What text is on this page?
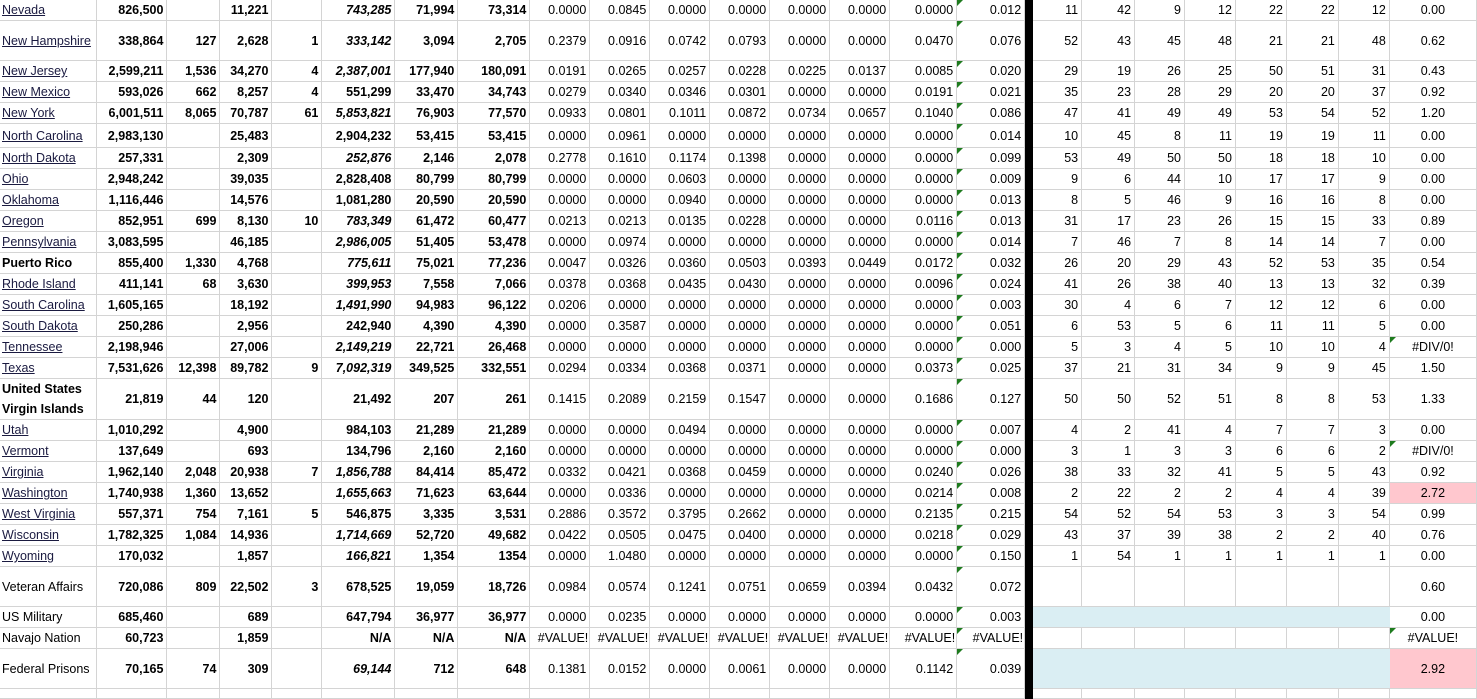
Nevada	826,500		11,221		743,285	71,994	73,314	0.0000	0.0845	0.0000	0.0000	0.0000	0.0000	0.0000	0.012		11	42	9	12	22	22	12	0.00
New Hampshire	338,864	127	2,628	1	333,142	3,094	2,705	0.2379	0.0916	0.0742	0.0793	0.0000	0.0000	0.0470	0.076		52	43	45	48	21	21	48	0.62
New Jersey	2,599,211	1,536	34,270	4	2,387,001	177,940	180,091	0.0191	0.0265	0.0257	0.0228	0.0225	0.0137	0.0085	0.020		29	19	26	25	50	51	31	0.43
New Mexico	593,026	662	8,257	4	551,299	33,470	34,743	0.0279	0.0340	0.0346	0.0301	0.0000	0.0000	0.0191	0.021		35	23	28	29	20	20	37	0.92
New York	6,001,511	8,065	70,787	61	5,853,821	76,903	77,570	0.0933	0.0801	0.1011	0.0872	0.0734	0.0657	0.1040	0.086		47	41	49	49	53	54	52	1.20
North Carolina	2,983,130		25,483		2,904,232	53,415	53,415	0.0000	0.0961	0.0000	0.0000	0.0000	0.0000	0.0000	0.014		10	45	8	11	19	19	11	0.00
North Dakota	257,331		2,309		252,876	2,146	2,078	0.2778	0.1610	0.1174	0.1398	0.0000	0.0000	0.0000	0.099		53	49	50	50	18	18	10	0.00
Ohio	2,948,242		39,035		2,828,408	80,799	80,799	0.0000	0.0000	0.0603	0.0000	0.0000	0.0000	0.0000	0.009		9	6	44	10	17	17	9	0.00
Oklahoma	1,116,446		14,576		1,081,280	20,590	20,590	0.0000	0.0000	0.0940	0.0000	0.0000	0.0000	0.0000	0.013		8	5	46	9	16	16	8	0.00
Oregon	852,951	699	8,130	10	783,349	61,472	60,477	0.0213	0.0213	0.0135	0.0228	0.0000	0.0000	0.0116	0.013		31	17	23	26	15	15	33	0.89
Pennsylvania	3,083,595		46,185		2,986,005	51,405	53,478	0.0000	0.0974	0.0000	0.0000	0.0000	0.0000	0.0000	0.014		7	46	7	8	14	14	7	0.00
Puerto Rico	855,400	1,330	4,768		775,611	75,021	77,236	0.0047	0.0326	0.0360	0.0503	0.0393	0.0449	0.0172	0.032		26	20	29	43	52	53	35	0.54
Rhode Island	411,141	68	3,630		399,953	7,558	7,066	0.0378	0.0368	0.0435	0.0430	0.0000	0.0000	0.0096	0.024		41	26	38	40	13	13	32	0.39
South Carolina	1,605,165		18,192		1,491,990	94,983	96,122	0.0206	0.0000	0.0000	0.0000	0.0000	0.0000	0.0000	0.003		30	4	6	7	12	12	6	0.00
South Dakota	250,286		2,956		242,940	4,390	4,390	0.0000	0.3587	0.0000	0.0000	0.0000	0.0000	0.0000	0.051		6	53	5	6	11	11	5	0.00
Tennessee	2,198,946		27,006		2,149,219	22,721	26,468	0.0000	0.0000	0.0000	0.0000	0.0000	0.0000	0.0000	0.000		5	3	4	5	10	10	4	#DIV/0!
Texas	7,531,626	12,398	89,782	9	7,092,319	349,525	332,551	0.0294	0.0334	0.0368	0.0371	0.0000	0.0000	0.0373	0.025		37	21	31	34	9	9	45	1.50
United States Virgin Islands	21,819	44	120		21,492	207	261	0.1415	0.2089	0.2159	0.1547	0.0000	0.0000	0.1686	0.127		50	50	52	51	8	8	53	1.33
Utah	1,010,292		4,900		984,103	21,289	21,289	0.0000	0.0000	0.0494	0.0000	0.0000	0.0000	0.0000	0.007		4	2	41	4	7	7	3	0.00
Vermont	137,649		693		134,796	2,160	2,160	0.0000	0.0000	0.0000	0.0000	0.0000	0.0000	0.0000	0.000		3	1	3	3	6	6	2	#DIV/0!
Virginia	1,962,140	2,048	20,938	7	1,856,788	84,414	85,472	0.0332	0.0421	0.0368	0.0459	0.0000	0.0000	0.0240	0.026		38	33	32	41	5	5	43	0.92
Washington	1,740,938	1,360	13,652		1,655,663	71,623	63,644	0.0000	0.0336	0.0000	0.0000	0.0000	0.0000	0.0214	0.008		2	22	2	2	4	4	39	2.72
West Virginia	557,371	754	7,161	5	546,875	3,335	3,531	0.2886	0.3572	0.3795	0.2662	0.0000	0.0000	0.2135	0.215		54	52	54	53	3	3	54	0.99
Wisconsin	1,782,325	1,084	14,936		1,714,669	52,720	49,682	0.0422	0.0505	0.0475	0.0400	0.0000	0.0000	0.0218	0.029		43	37	39	38	2	2	40	0.76
Wyoming	170,032		1,857		166,821	1,354	1354	0.0000	1.0480	0.0000	0.0000	0.0000	0.0000	0.0000	0.150		1	54	1	1	1	1	1	0.00
Veteran Affairs	720,086	809	22,502	3	678,525	19,059	18,726	0.0984	0.0574	0.1241	0.0751	0.0659	0.0394	0.0432	0.072									0.60
US Military	685,460		689		647,794	36,977	36,977	0.0000	0.0235	0.0000	0.0000	0.0000	0.0000	0.0000	0.003									0.00
Navajo Nation	60,723		1,859		N/A	N/A	N/A	#VALUE!	#VALUE!	#VALUE!	#VALUE!	#VALUE!	#VALUE!	#VALUE!	#VALUE!									#VALUE!
Federal Prisons	70,165	74	309		69,144	712	648	0.1381	0.0152	0.0000	0.0061	0.0000	0.0000	0.1142	0.039									2.92
